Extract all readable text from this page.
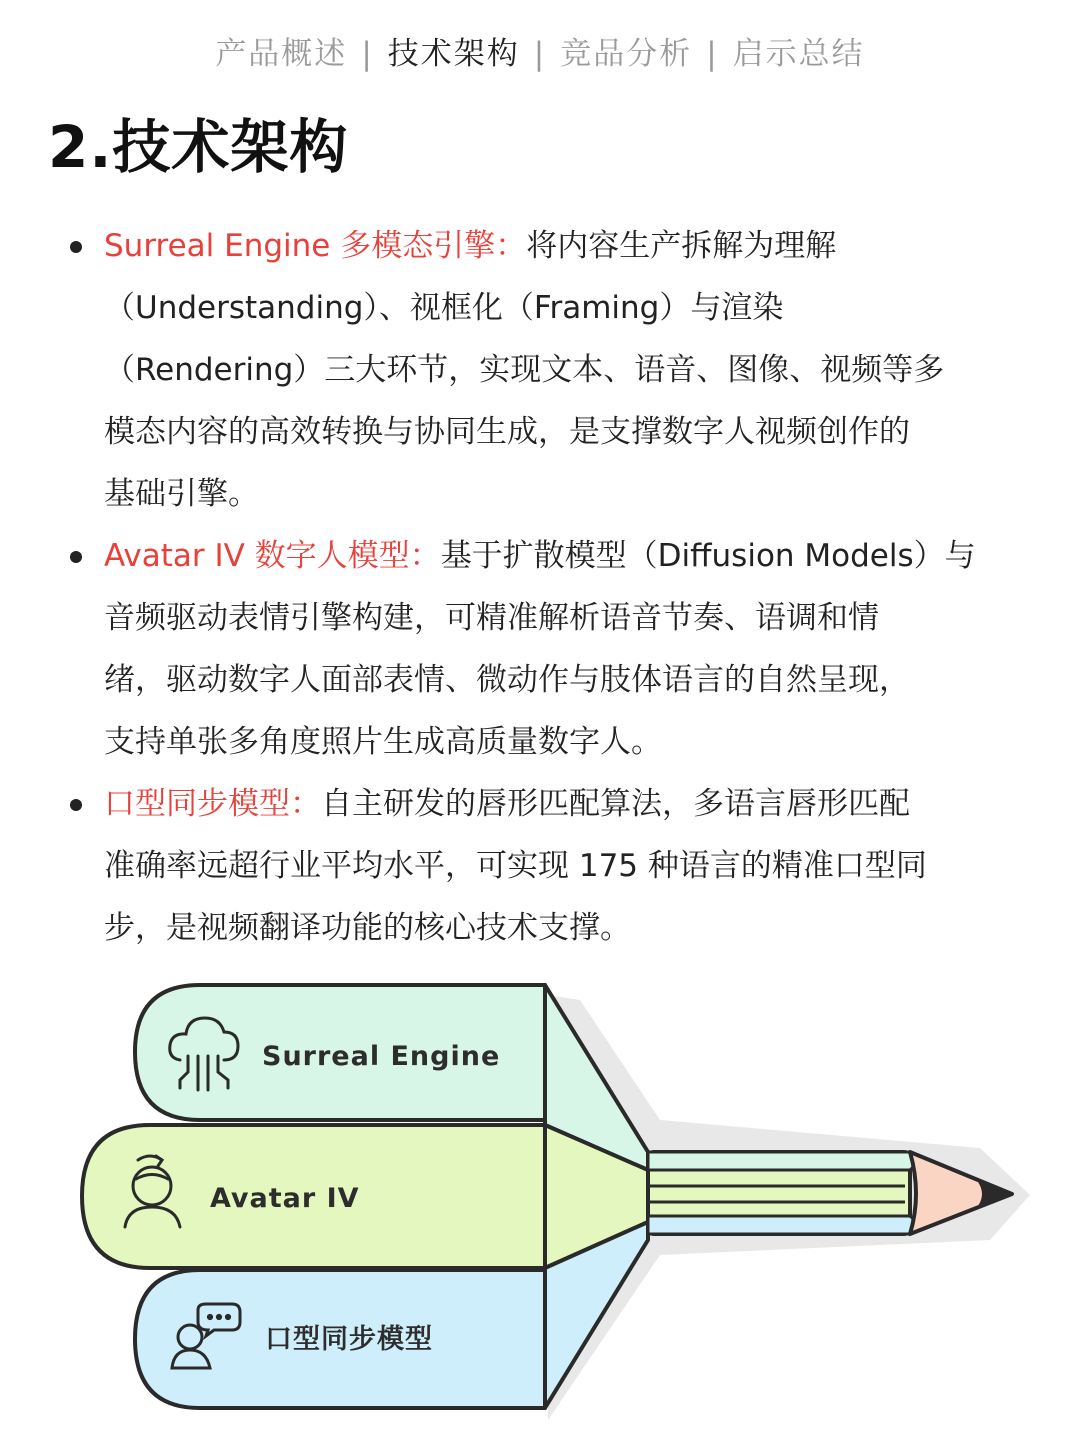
产品概述 | 技术架构 | 竞品分析 | 启示总结
2.技术架构
Surreal Engine 多模态引擎：将内容生产拆解为理解
（Understanding）、视框化（Framing）与渲染
（Rendering）三大环节，实现文本、语音、图像、视频等多
模态内容的高效转换与协同生成，是支撑数字人视频创作的
基础引擎。
Avatar IV 数字人模型：基于扩散模型（Diffusion Models）与
音频驱动表情引擎构建，可精准解析语音节奏、语调和情
绪，驱动数字人面部表情、微动作与肢体语言的自然呈现，
支持单张多角度照片生成高质量数字人。
口型同步模型：自主研发的唇形匹配算法，多语言唇形匹配
准确率远超行业平均水平，可实现 175 种语言的精准口型同
步，是视频翻译功能的核心技术支撑。
Surreal Engine
Avatar IV
口型同步模型
